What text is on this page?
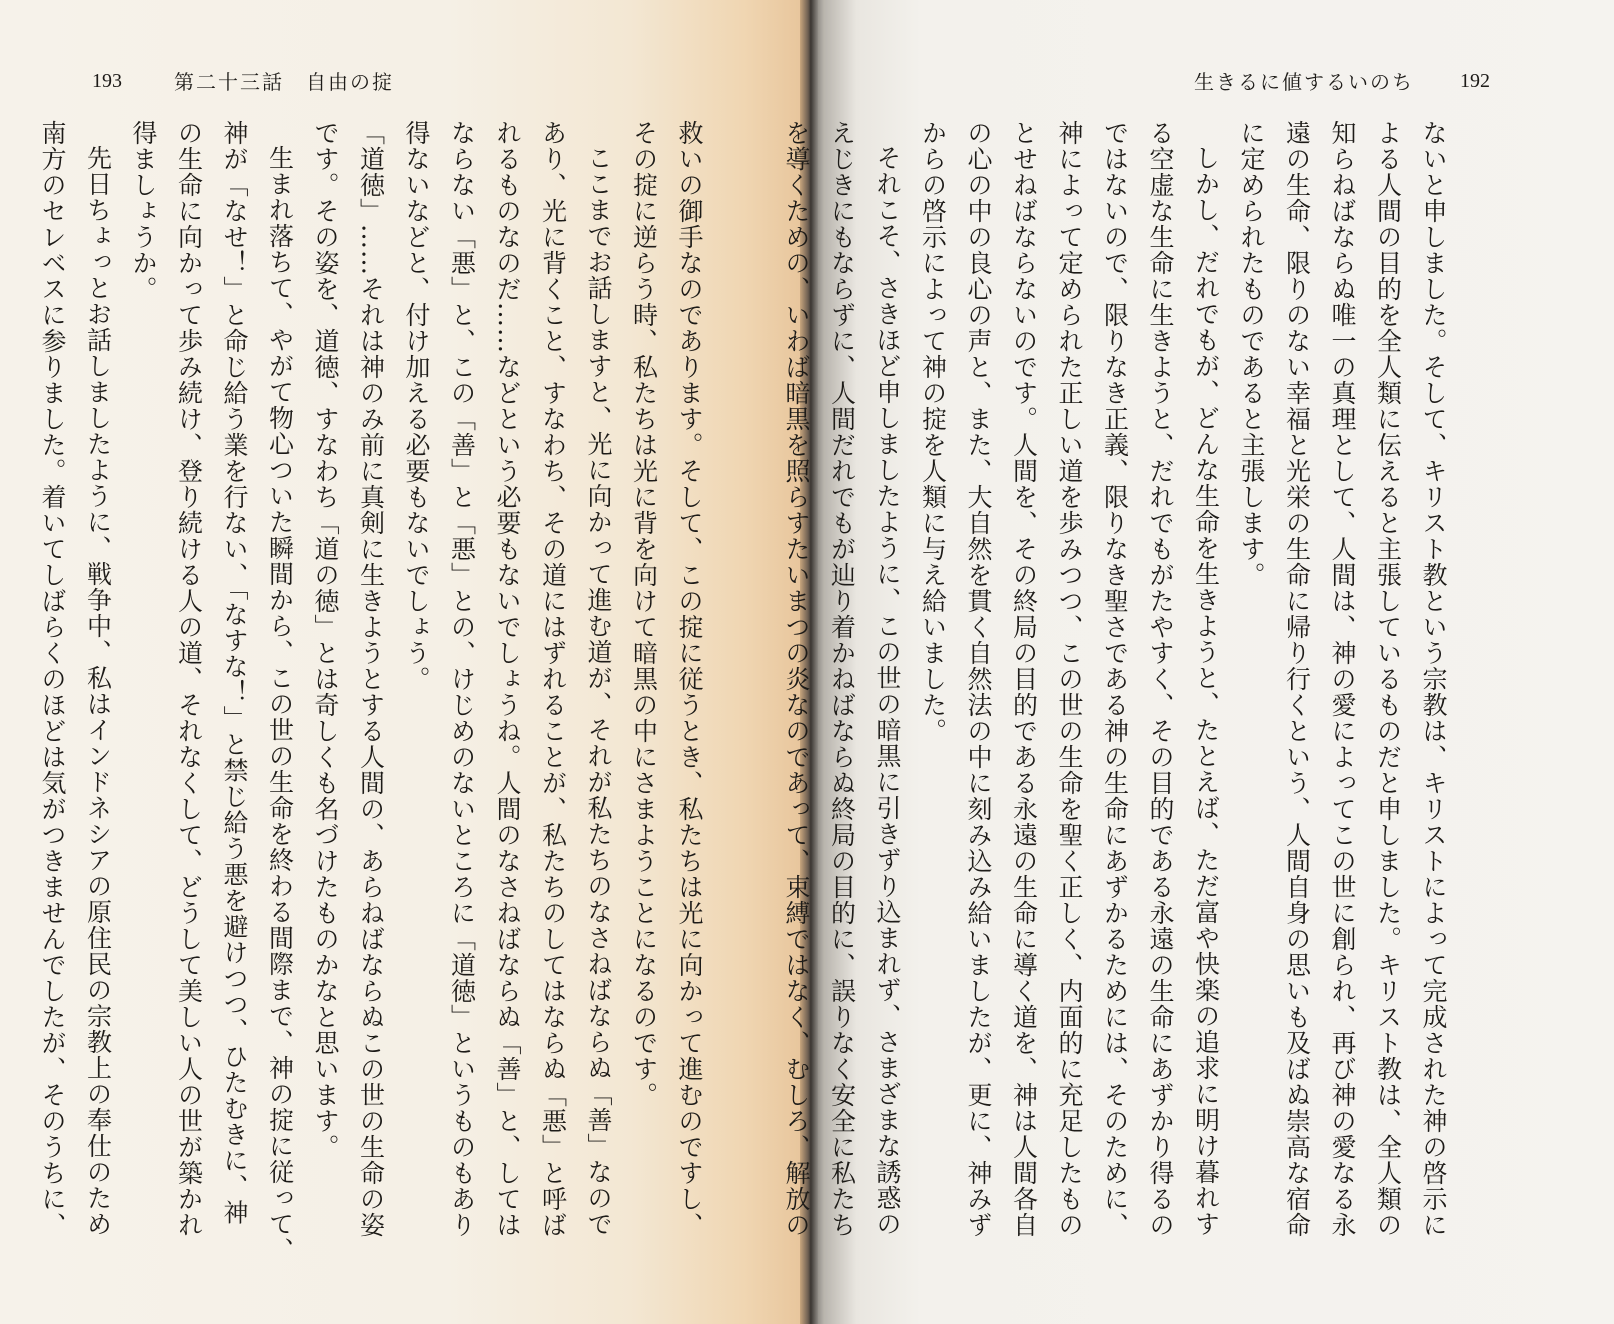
193	第二十三話　自由の掟	生きるに値するいのち 192
救いの御手なのであります。そして、この掟に従うとき、私たちは光に向かって進むのですし、
その掟に逆らう時、私たちは光に背を向けて暗黒の中にさまようことになるのです。
ここまでお話しますと、光に向かって進む道が、それが私たちのなさねばならぬ「善」なので
あり、光に背くこと、すなわち、その道にはずれることが、私たちのしてはならぬ「悪」と呼ば
れるものなのだ……などという必要もないでしょうね。人間のなさねばならぬ「善」と、しては
ならない「悪」と、この「善」と「悪」との、けじめのないところに「道徳」というものもあり
得ないなどと、付け加える必要もないでしょう。
「道徳」……それは神のみ前に真剣に生きようとする人間の、あらねばならぬこの世の生命の姿
です。その姿を、道徳、すなわち「道の徳」とは奇しくも名づけたものかなと思います。
生まれ落ちて、やがて物心ついた瞬間から、この世の生命を終わる間際まで、神の掟に従って、
神が「なせ！」と命じ給う業を行ない、「なすな！」と禁じ給う悪を避けつつ、ひたむきに、神
の生命に向かって歩み続け、登り続ける人の道、それなくして、どうして美しい人の世が築かれ
得ましょうか。
先日ちょっとお話しましたように、戦争中、私はインドネシアの原住民の宗教上の奉仕のため
南方のセレベスに参りました。着いてしばらくのほどは気がつきませんでしたが、そのうちに、	ないと申しました。そして、キリスト教という宗教は、キリストによって完成された神の啓示に
よる人間の目的を全人類に伝えると主張しているものだと申しました。キリスト教は、全人類の
知らねばならぬ唯一の真理として、人間は、神の愛によってこの世に創られ、再び神の愛なる永
遠の生命、限りのない幸福と光栄の生命に帰り行くという、人間自身の思いも及ばぬ崇高な宿命
に定められたものであると主張します。
しかし、だれでもが、どんな生命を生きようと、たとえば、ただ富や快楽の追求に明け暮れす
る空虚な生命に生きようと、だれでもがたやすく、その目的である永遠の生命にあずかり得るの
ではないので、限りなき正義、限りなき聖さである神の生命にあずかるためには、そのために、
神によって定められた正しい道を歩みつつ、この世の生命を聖く正しく、内面的に充足したもの
とせねばならないのです。人間を、その終局の目的である永遠の生命に導く道を、神は人間各自
の心の中の良心の声と、また、大自然を貫く自然法の中に刻み込み給いましたが、更に、神みず
からの啓示によって神の掟を人類に与え給いました。
それこそ、さきほど申しましたように、この世の暗黒に引きずり込まれず、さまざまな誘惑の
えじきにもならずに、人間だれでもが辿り着かねばならぬ終局の目的に、誤りなく安全に私たち
を導くための、いわば暗黒を照らすたいまつの炎なのであって、束縛ではなく、むしろ、解放の
